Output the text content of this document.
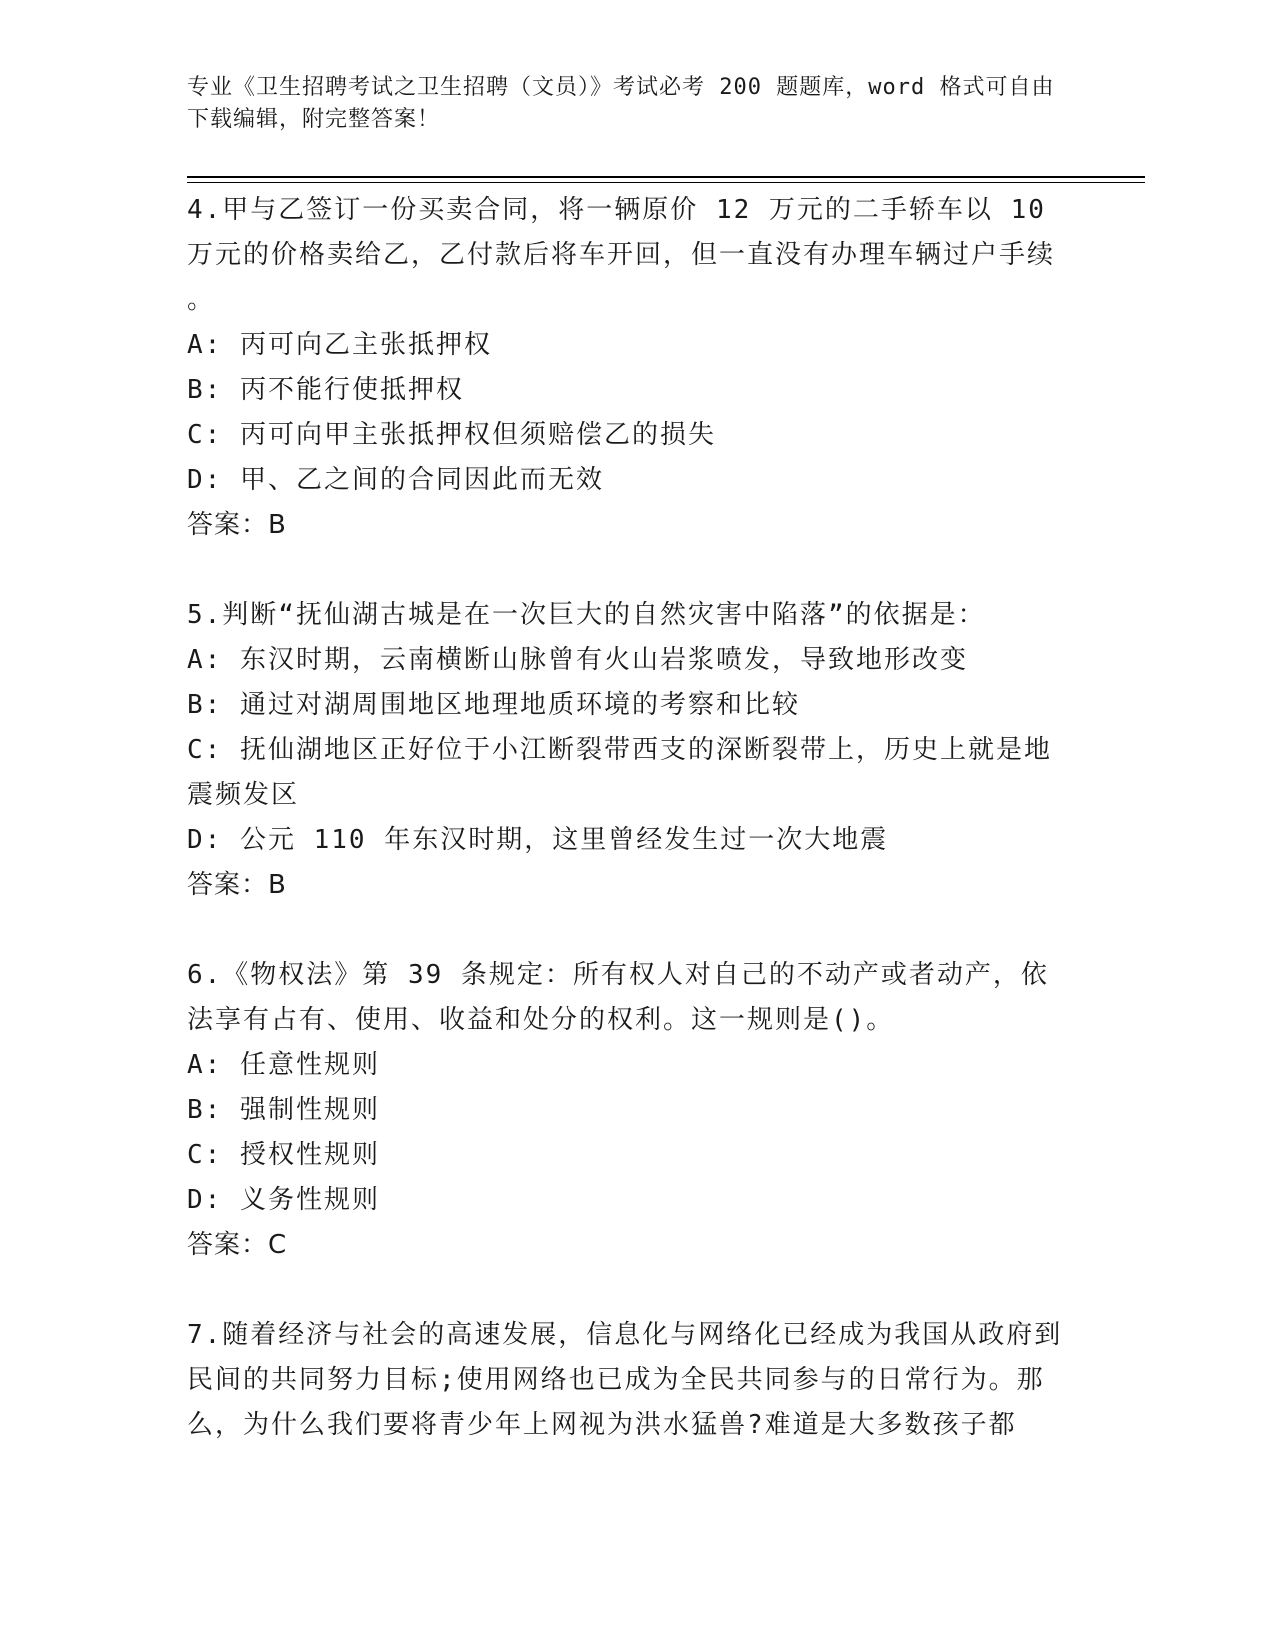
专业《卫生招聘考试之卫生招聘（文员）》考试必考 200 题题库，word 格式可自由下载编辑，附完整答案！

4.甲与乙签订一份买卖合同，将一辆原价 12 万元的二手轿车以 10 万元的价格卖给乙，乙付款后将车开回，但一直没有办理车辆过户手续 。

A: 丙可向乙主张抵押权

B: 丙不能行使抵押权

C: 丙可向甲主张抵押权但须赔偿乙的损失

D: 甲、乙之间的合同因此而无效

答案：B

5.判断“抚仙湖古城是在一次巨大的自然灾害中陷落”的依据是：

A: 东汉时期，云南横断山脉曾有火山岩浆喷发，导致地形改变

B: 通过对湖周围地区地理地质环境的考察和比较

C: 抚仙湖地区正好位于小江断裂带西支的深断裂带上，历史上就是地震频发区

D: 公元 110 年东汉时期，这里曾经发生过一次大地震

答案：B

6.《物权法》第 39 条规定：所有权人对自己的不动产或者动产，依法享有占有、使用、收益和处分的权利。这一规则是()。

A: 任意性规则

B: 强制性规则

C: 授权性规则

D: 义务性规则

答案：C

7.随着经济与社会的高速发展，信息化与网络化已经成为我国从政府到民间的共同努力目标;使用网络也已成为全民共同参与的日常行为。那么，为什么我们要将青少年上网视为洪水猛兽?难道是大多数孩子都
